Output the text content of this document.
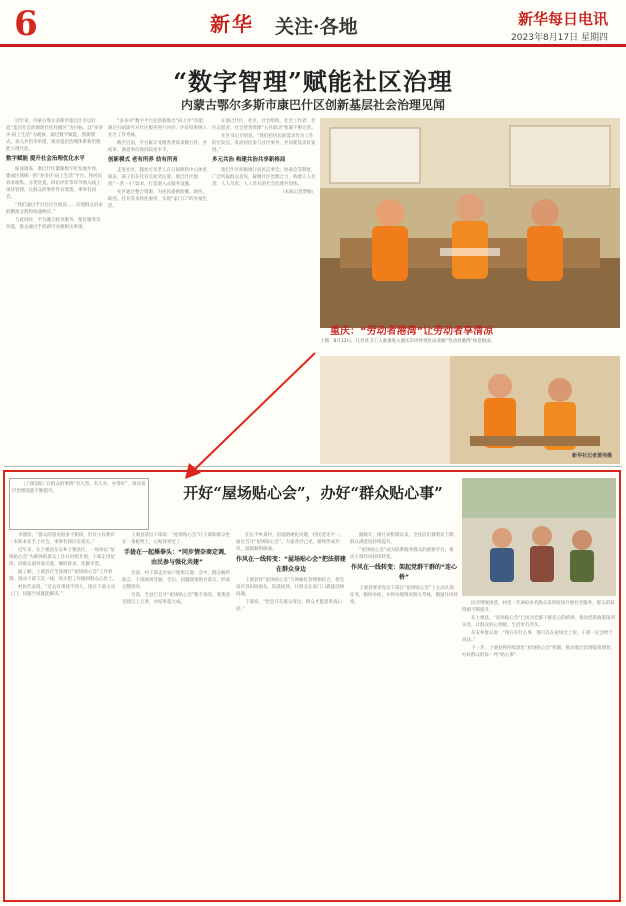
6	新华 关注·各地	新华每日电讯
2023年8月17日 星期四
“数字智理”赋能社区治理
内蒙古鄂尔多斯市康巴什区创新基层社会治理见闻

近年来，内蒙古鄂尔多斯市康巴什区以打造“基层社会治理现代化样板区”为目标，以“多多评·码上生活”为载体，通过数字赋能，创新模式，多元共治等举措，推动基层治理体系和治理能力现代化。

数字赋能 提升社会治理优化水平

座谈调查，康巴什区紧跟数字化发展步伐，建成区域统一的“多多评·码上生活”平台，将居民诉求收集、分类处置、回访评价等环节纳入线上闭环管理，让群众的事件件有着落，事事有回音。

“我们通过平台在后台推送……实现群众诉求的精准分派和快速响应。”

与此同时，平台融合政务服务、便民服务等功能，群众通过手机即可办理相关事项。

“多多评”数字平台还创新推出“码上评”功能，通过扫码即可对社区服务进行评价，评价结果纳入社区工作考核。

截至目前，平台累计受理各类诉求数万件，办结率、满意率均保持较高水平。

创新模式 老有所养 幼有所育

走进社区，随处可见老人在日间照料中心休息娱乐，孩子们在托育点欢笑玩耍。康巴什区围绕“一老一小”需求，打造嵌入式服务设施。

社区通过整合资源，为居民提供助餐、助医、助浴、托育等多样化服务，实现“家门口”的幸福生活。

在康巴什区，社区、社会组织、社会工作者、社区志愿者、社会慈善资源“五社联动”机制不断完善。

社区书记介绍说，“我们把居民的需求作为工作的出发点，发动居民参与社区事务，共同建设美好家园。”

多元共治 构建共治共享新格局

康巴什区积极推行居民议事会、协商会等制度，广泛听取群众意见，凝聚社区治理合力，构建人人有责、人人尽责、人人享有的社会治理共同体。

（本报记者贾楠）

重庆：“劳动者港湾”让劳动者享清凉
上图：8月12日，几名环卫工人准备进入重庆市沙坪坝区站北路“劳动者港湾”休息纳凉。
新华社记者黄伟摄

（上接1版）让群众的事情“有人管、有人办、办得好”，推动基层治理效能不断提升。	开好“屋场贴心会”，办好“群众贴心事”

李德清，“群众的意见很多不相同，但有小有难有一本账本在手上社会，事事有回应有落实。”

近年来，在上栗县东安乡上栗县区，一场场以“屋场贴心会”为载体的群众工作在村组开展，干部走进屋场，同群众面对面交流，倾听诉求，化解矛盾。

据了解，上栗县在全县推行“屋场贴心会”工作机制，推动干部下沉一线，真正把工作做到群众心坎上。

村民代表说，“过去有事找不到人，现在干部主动上门，问题当场就能解决。”

上栗县基层干部说：“屋场贴心会”让干部和群众坐在一条板凳上，心贴得更近了。

手拢在一起捶拳头：“同步情奈商定调，由民参与强化共建”

会前，村干部走访农户收集议题；会中，群众畅所欲言，干部现场答疑；会后，问题逐项销号落实，形成完整闭环。

目前，全县已召开“屋场贴心会”数千场次，收集意见建议上万条，办结率超九成。

在长平乡某村，因道路硬化问题，村民意见不一。通过召开“屋场贴心会”，大家各抒己见，最终形成共识，道路顺利修通。

作风在一线转变：“屋场贴心会”把法搭建在群众身边

上栗县将“屋场贴心会”与网格化管理相结合，把会场开到田间地头、院落屋场，让群众在家门口就能反映问题。

干部说，“把会开在群众身边，群众才愿意说真心话。”

据统计，推行该机制以来，全县信访量明显下降，群众满意度持续提升。

“屋场贴心会”成为联系服务群众的重要平台，推动干部作风持续转变。

作风在一线转变：架起党群干群的“连心桥”

上栗县要求党员干部在“屋场贴心会”上主动认领任务，限时办结，并将办理情况纳入考核，倒逼作风转变。	民对增收困惑，村里一年300多名群众来到屋场开展社会服务，群众的获得感不断提升。

在上栗县，“屋场贴心会”已成为党群干群连心的桥梁，推动党的政策落到实处，让群众的心更暖、生活更有奔头。

东安乡群众说：“现在有什么事，都可以在屋场会上说，干部一定会给个说法。”

下一步，上栗县将持续深化“屋场贴心会”机制，推动基层治理提质增效，办好群众的每一件“贴心事”。
